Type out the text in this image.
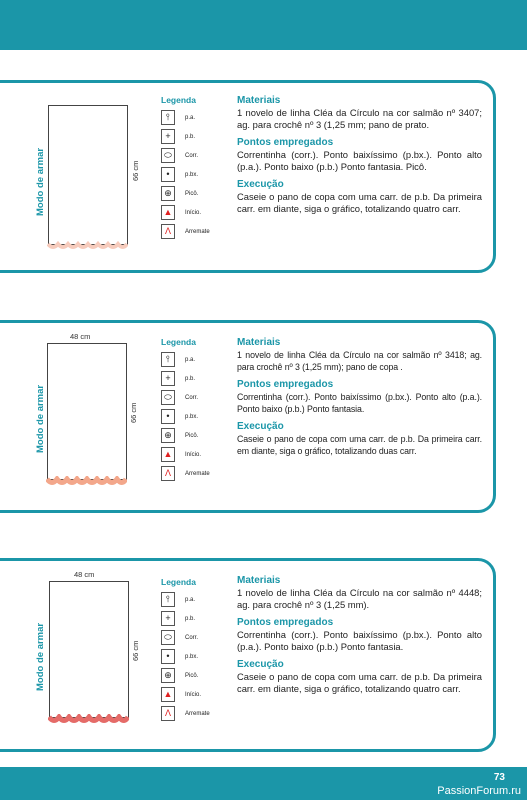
Modo de armar	66 cm
Legenda
⫯	p.a.
+	p.b.
⬭	Corr.
•	p.bx.
⊕	Picô.
▲	Início.
Ʌ	Arremate

Materiais

1 novelo de linha Cléa da Círculo na cor salmão nº 3407; ag. para crochê nº 3 (1,25 mm; pano de prato.

Pontos empregados

Correntinha (corr.). Ponto baixíssimo (p.bx.). Ponto alto (p.a.). Ponto baixo (p.b.) Ponto fantasia. Picô.

Execução

Caseie o pano de copa com uma carr. de p.b. Da primeira carr. em diante, siga o gráfico, totalizando quatro carr.

48 cm
Modo de armar	66 cm
Legenda
⫯	p.a.
+	p.b.
⬭	Corr.
•	p.bx.
⊕	Picô.
▲	Início.
Ʌ	Arremate

Materiais

1 novelo de linha Cléa da Círculo na cor salmão nº 3418; ag. para crochê nº 3 (1,25 mm); pano de copa .

Pontos empregados

Correntinha (corr.). Ponto baixíssimo (p.bx.). Ponto alto (p.a.). Ponto baixo (p.b.) Ponto fantasia.

Execução

Caseie o pano de copa com uma carr. de p.b. Da primeira carr. em diante, siga o gráfico, totalizando duas carr.

48 cm
Modo de armar	66 cm
Legenda
⫯	p.a.
+	p.b.
⬭	Corr.
•	p.bx.
⊕	Picô.
▲	Início.
Ʌ	Arremate

Materiais

1 novelo de linha Cléa da Círculo na cor salmão nº 4448; ag. para crochê nº 3 (1,25 mm).

Pontos empregados

Correntinha (corr.). Ponto baixíssimo (p.bx.). Ponto alto (p.a.). Ponto baixo (p.b.) Ponto fantasia.

Execução

Caseie o pano de copa com uma carr. de p.b. Da primeira carr. em diante, siga o gráfico, totalizando quatro carr.

73
PassionForum.ru
